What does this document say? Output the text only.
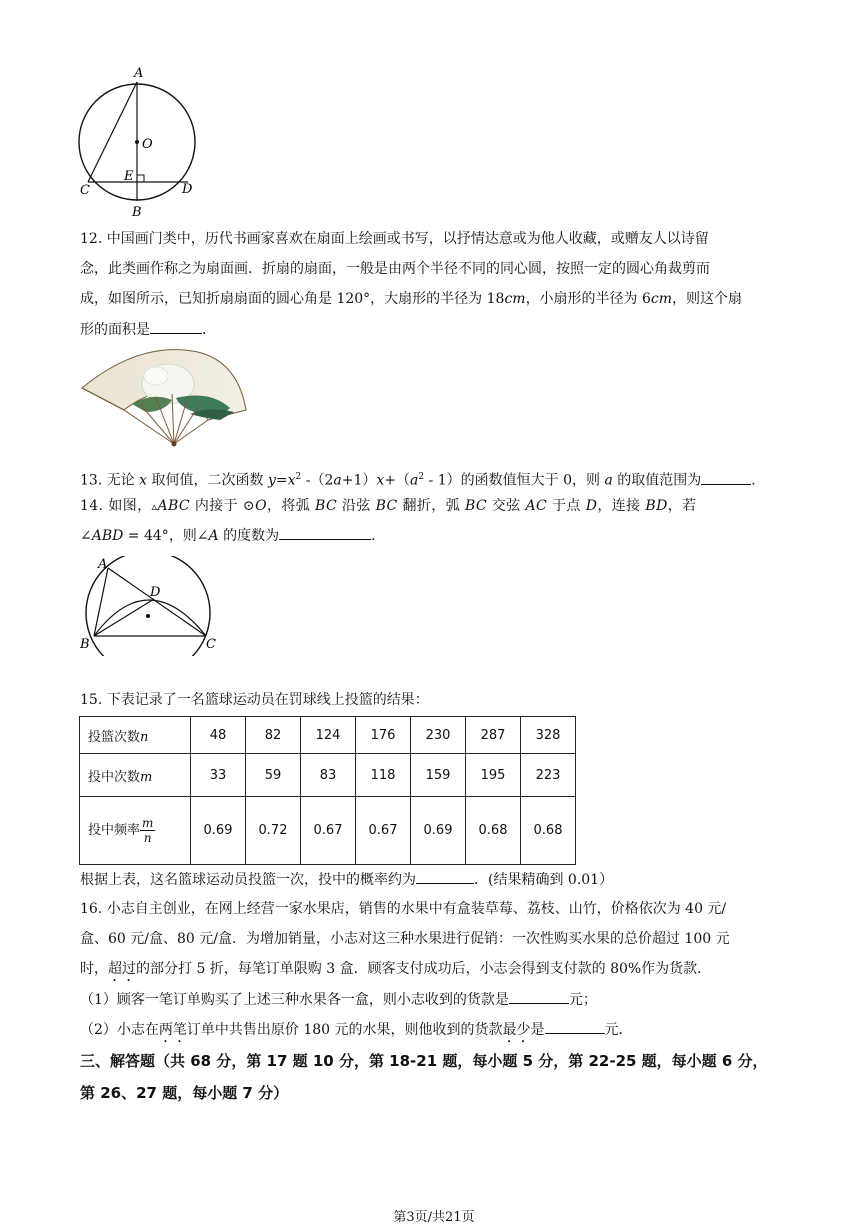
A
O
E
C	D
B
12. 中国画门类中，历代书画家喜欢在扇面上绘画或书写，以抒情达意或为他人收藏，或赠友人以诗留
念，此类画作称之为扇面画．折扇的扇面，一般是由两个半径不同的同心圆，按照一定的圆心角裁剪而
成，如图所示，已知折扇扇面的圆心角是 120°，大扇形的半径为 18cm，小扇形的半径为 6cm，则这个扇
形的面积是	.
13. 无论 x 取何值，二次函数 $y=x^2$ $-(2a+1)x+(a^2 - 1)$的函数值恒大于 0，则 a 的取值范围为	.
14. 如图，▵ABC 内接于 ⊙O，将弧 BC 沿弦 BC 翻折，弧 BC 交弦 AC 于点 D，连接 BD，若
∠ABD = 44°，则∠A 的度数为	.
A
D
B	C
15. 下表记录了一名篮球运动员在罚球线上投篮的结果：
投篮次数n	48	82	124	176	230	287	328
投中次数m	33	59	83	118	159	195	223
投中频率 $\frac{m}{n}$	0.69	0.72	0.67	0.67	0.69	0.68	0.68
根据上表，这名篮球运动员投篮一次，投中的概率约为	．(结果精确到 0.01）
16. 小志自主创业，在网上经营一家水果店，销售的水果中有盒装草莓、荔枝、山竹，价格依次为 40 元/
盒、60 元/盒、80 元/盒．为增加销量，小志对这三种水果进行促销：一次性购买水果的总价超过 100 元
时，超过的部分打 5 折，每笔订单限购 3 盒．顾客支付成功后，小志会得到支付款的 80%作为货款．
（1）顾客一笔订单购买了上述三种水果各一盒，则小志收到的货款是	元；
（2）小志在两笔订单中共售出原价 180 元的水果，则他收到的货款最少是	元．
三、解答题（共 68 分，第 17 题 10 分，第 18-21 题，每小题 5 分，第 22-25 题，每小题 6 分，
第 26、27 题，每小题 7 分）
第3页/共21页
